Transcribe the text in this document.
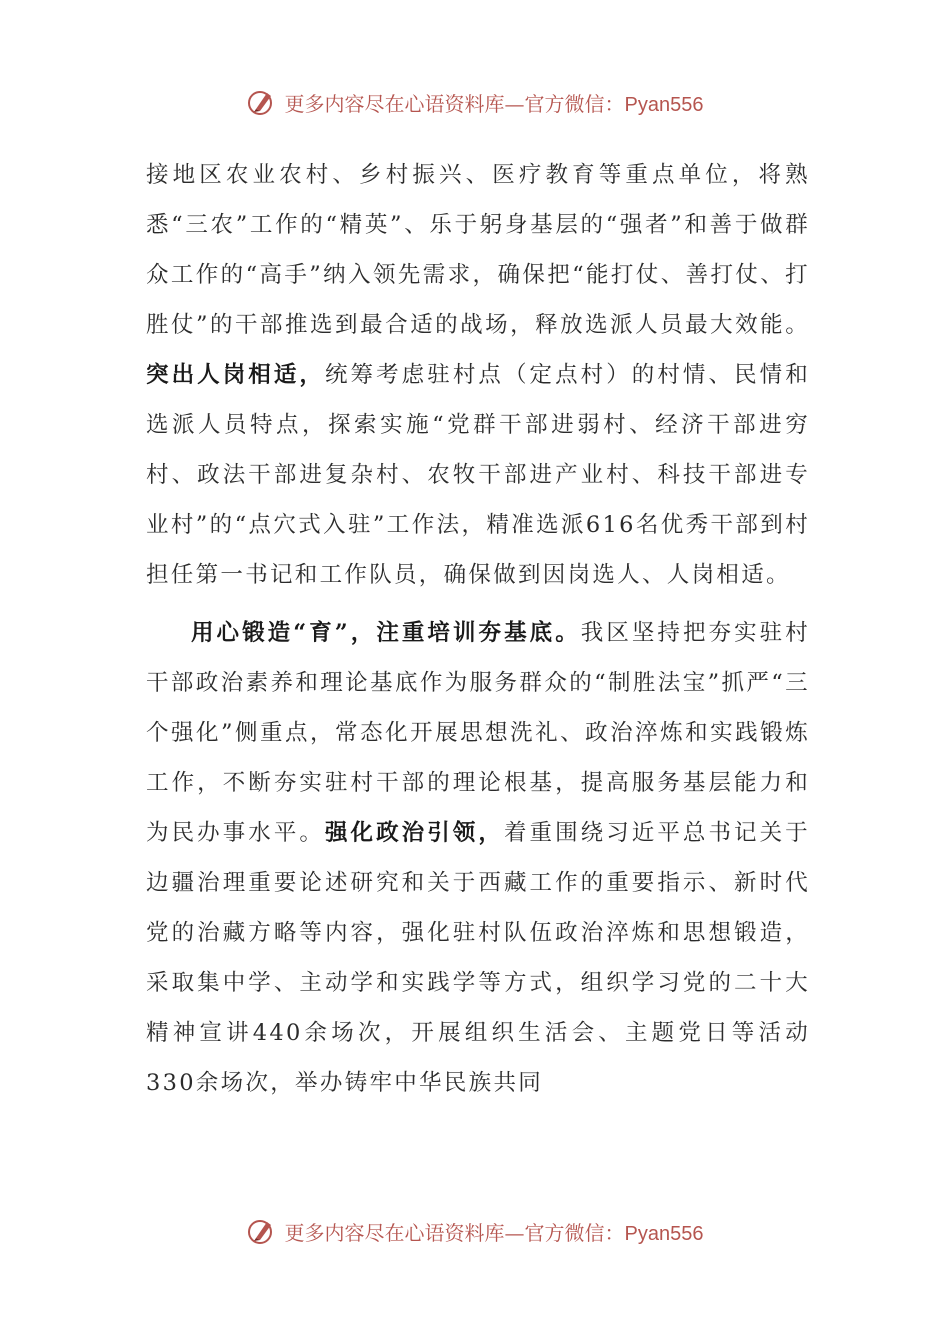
更多内容尽在心语资料库—官方微信：Pyan556

接地区农业农村、乡村振兴、医疗教育等重点单位，将熟悉“三农”工作的“精英”、乐于躬身基层的“强者”和善于做群众工作的“高手”纳入领先需求，确保把“能打仗、善打仗、打胜仗”的干部推选到最合适的战场，释放选派人员最大效能。突出人岗相适，统筹考虑驻村点（定点村）的村情、民情和选派人员特点，探索实施“党群干部进弱村、经济干部进穷村、政法干部进复杂村、农牧干部进产业村、科技干部进专业村”的“点穴式入驻”工作法，精准选派616名优秀干部到村担任第一书记和工作队员，确保做到因岗选人、人岗相适。

用心锻造“育”，注重培训夯基底。我区坚持把夯实驻村干部政治素养和理论基底作为服务群众的“制胜法宝”抓严“三个强化”侧重点，常态化开展思想洗礼、政治淬炼和实践锻炼工作，不断夯实驻村干部的理论根基，提高服务基层能力和为民办事水平。强化政治引领，着重围绕习近平总书记关于边疆治理重要论述研究和关于西藏工作的重要指示、新时代党的治藏方略等内容，强化驻村队伍政治淬炼和思想锻造，采取集中学、主动学和实践学等方式，组织学习党的二十大精神宣讲440余场次，开展组织生活会、主题党日等活动330余场次，举办铸牢中华民族共同

更多内容尽在心语资料库—官方微信：Pyan556
